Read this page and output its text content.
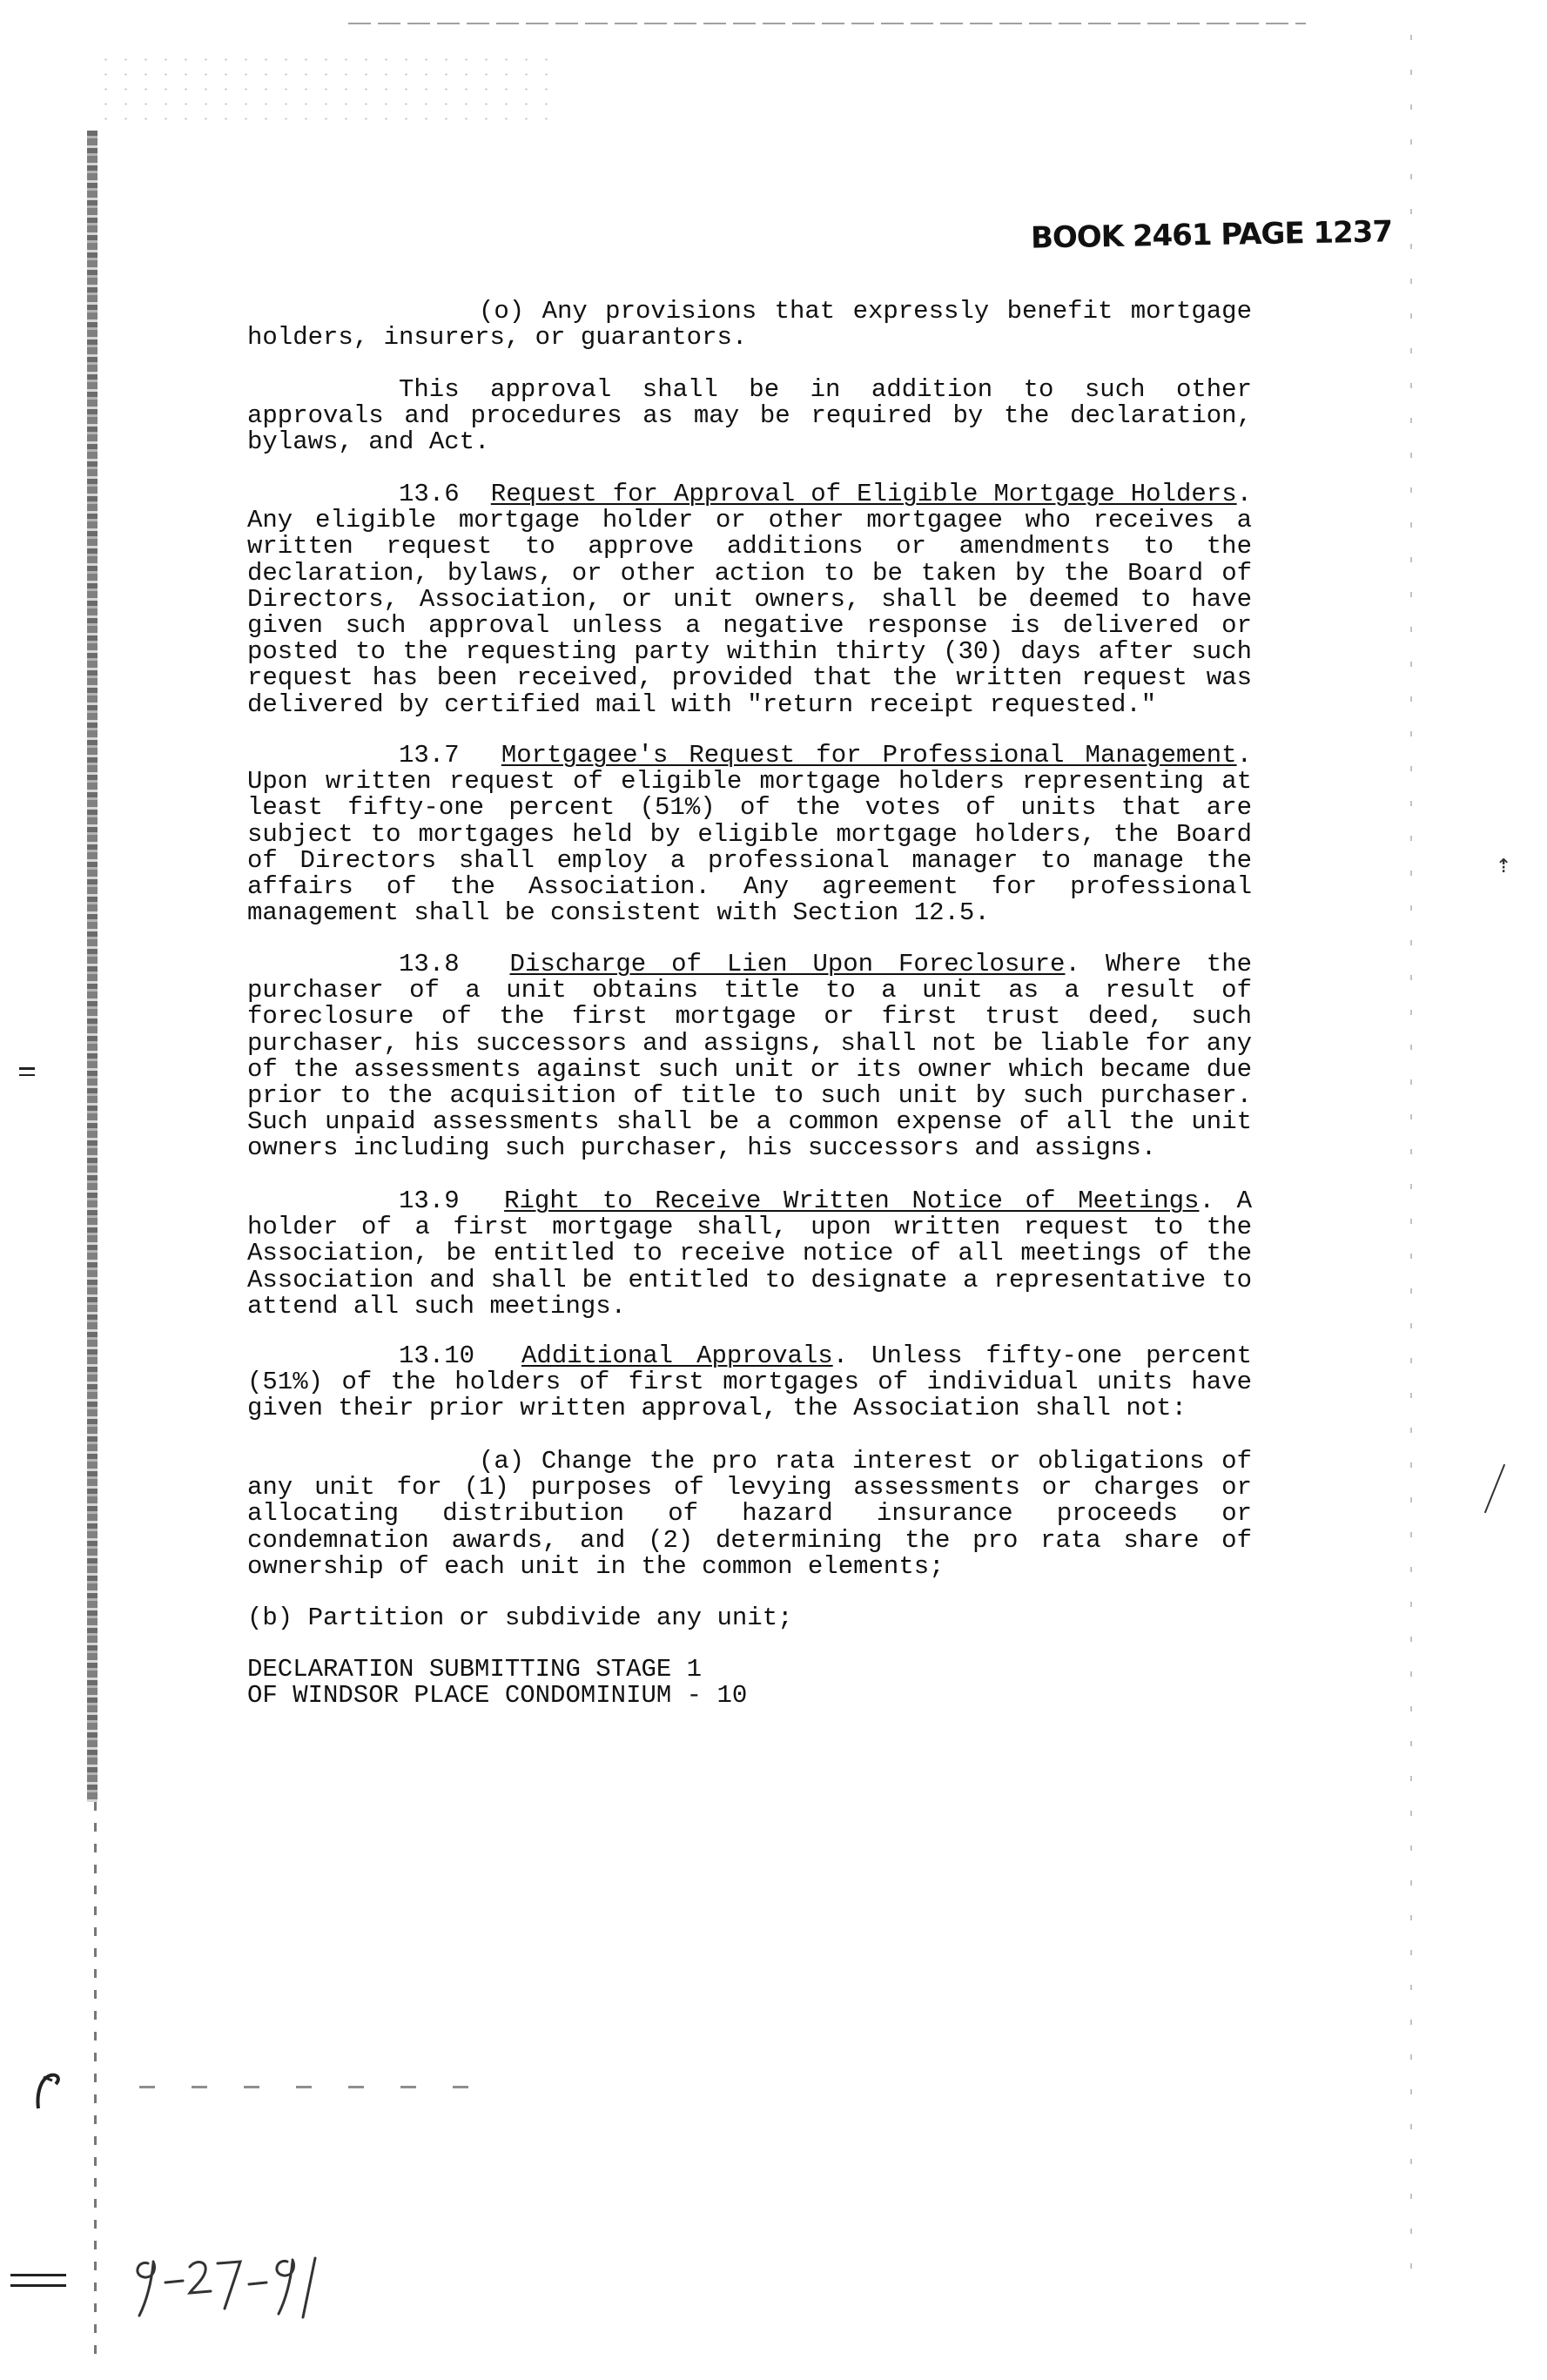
⇡
BOOK 2461 PAGE 1237

(o) Any provisions that expressly benefit mortgage holders, insurers, or guarantors.

This approval shall be in addition to such other approvals and procedures as may be required by the declaration, bylaws, and Act.

13.6 Request for Approval of Eligible Mortgage Holders. Any eligible mortgage holder or other mortgagee who receives a written request to approve additions or amendments to the declaration, bylaws, or other action to be taken by the Board of Directors, Association, or unit owners, shall be deemed to have given such approval unless a negative response is delivered or posted to the requesting party within thirty (30) days after such request has been received, provided that the written request was delivered by certified mail with "return receipt requested."

13.7 Mortgagee's Request for Professional Management. Upon written request of eligible mortgage holders representing at least fifty-one percent (51%) of the votes of units that are subject to mortgages held by eligible mortgage holders, the Board of Directors shall employ a professional manager to manage the affairs of the Association. Any agreement for professional management shall be consistent with Section 12.5.

13.8 Discharge of Lien Upon Foreclosure. Where the purchaser of a unit obtains title to a unit as a result of foreclosure of the first mortgage or first trust deed, such purchaser, his successors and assigns, shall not be liable for any of the assessments against such unit or its owner which became due prior to the acquisition of title to such unit by such purchaser. Such unpaid assessments shall be a common expense of all the unit owners including such purchaser, his successors and assigns.

13.9 Right to Receive Written Notice of Meetings. A holder of a first mortgage shall, upon written request to the Association, be entitled to receive notice of all meetings of the Association and shall be entitled to designate a representative to attend all such meetings.

13.10 Additional Approvals. Unless fifty-one percent (51%) of the holders of first mortgages of individual units have given their prior written approval, the Association shall not:

(a) Change the pro rata interest or obligations of any unit for (1) purposes of levying assessments or charges or allocating distribution of hazard insurance proceeds or condemnation awards, and (2) determining the pro rata share of ownership of each unit in the common elements;

(b) Partition or subdivide any unit;

DECLARATION SUBMITTING STAGE 1
OF WINDSOR PLACE CONDOMINIUM - 10
